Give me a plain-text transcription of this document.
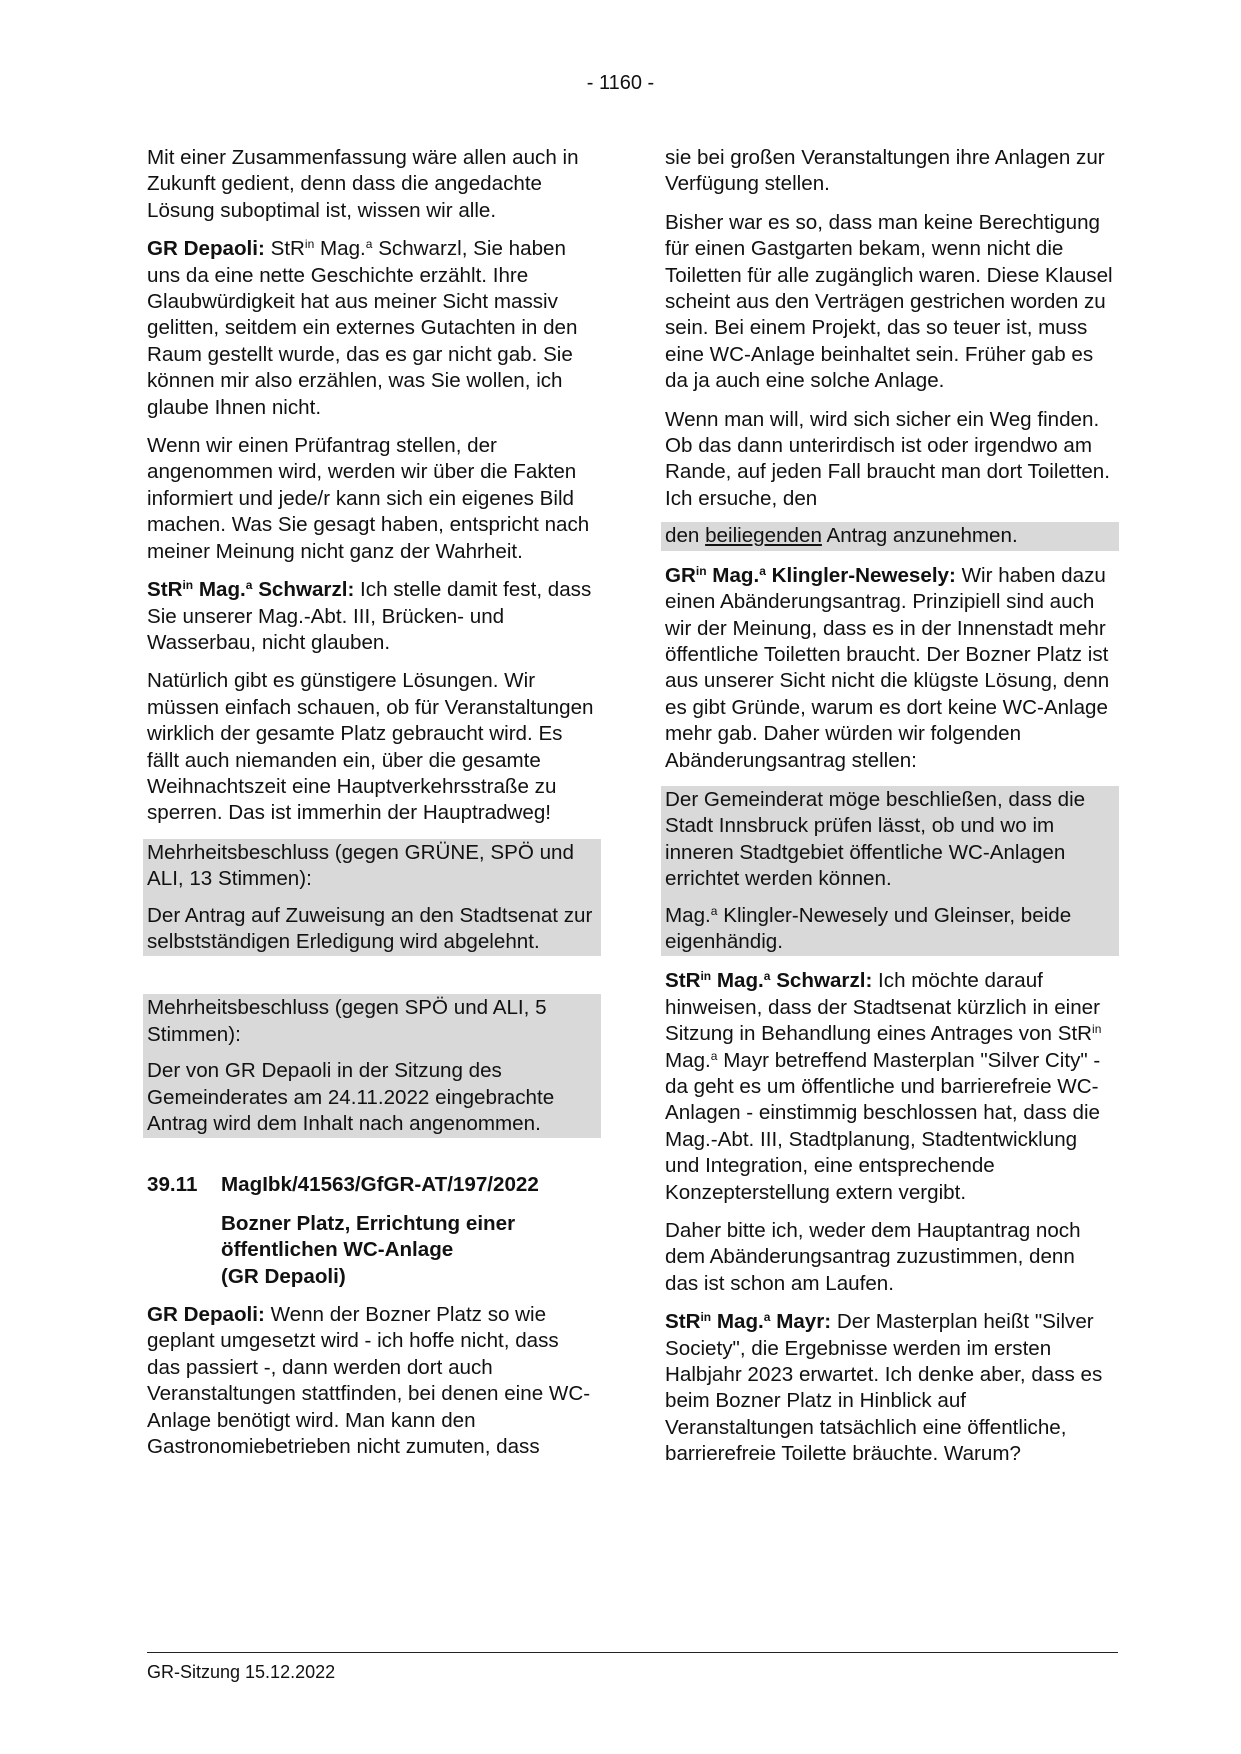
- 1160 -

Mit einer Zusammenfassung wäre allen auch in Zukunft gedient, denn dass die angedachte Lösung suboptimal ist, wissen wir alle.

GR Depaoli: StR$^{in}$ Mag.$^a$ Schwarzl, Sie haben uns da eine nette Geschichte erzählt. Ihre Glaubwürdigkeit hat aus meiner Sicht massiv gelitten, seitdem ein externes Gutachten in den Raum gestellt wurde, das es gar nicht gab. Sie können mir also erzählen, was Sie wollen, ich glaube Ihnen nicht.

Wenn wir einen Prüfantrag stellen, der angenommen wird, werden wir über die Fakten informiert und jede/r kann sich ein eigenes Bild machen. Was Sie gesagt haben, entspricht nach meiner Meinung nicht ganz der Wahrheit.

StR$^{in}$ Mag.$^a$ Schwarzl: Ich stelle damit fest, dass Sie unserer Mag.-Abt. III, Brücken- und Wasserbau, nicht glauben.

Natürlich gibt es günstigere Lösungen. Wir müssen einfach schauen, ob für Veranstaltungen wirklich der gesamte Platz gebraucht wird. Es fällt auch niemanden ein, über die gesamte Weihnachtszeit eine Hauptverkehrsstraße zu sperren. Das ist immerhin der Hauptradweg!

Mehrheitsbeschluss (gegen GRÜNE, SPÖ und ALI, 13 Stimmen):

Der Antrag auf Zuweisung an den Stadtsenat zur selbstständigen Erledigung wird abgelehnt.

Mehrheitsbeschluss (gegen SPÖ und ALI, 5 Stimmen):

Der von GR Depaoli in der Sitzung des Gemeinderates am 24.11.2022 eingebrachte Antrag wird dem Inhalt nach angenommen.

39.11	MagIbk/41563/GfGR-AT/197/2022
Bozner Platz, Errichtung einer öffentlichen WC-Anlage
(GR Depaoli)

GR Depaoli: Wenn der Bozner Platz so wie geplant umgesetzt wird - ich hoffe nicht, dass das passiert -, dann werden dort auch Veranstaltungen stattfinden, bei denen eine WC-Anlage benötigt wird. Man kann den Gastronomiebetrieben nicht zumuten, dass

sie bei großen Veranstaltungen ihre Anlagen zur Verfügung stellen.

Bisher war es so, dass man keine Berechtigung für einen Gastgarten bekam, wenn nicht die Toiletten für alle zugänglich waren. Diese Klausel scheint aus den Verträgen gestrichen worden zu sein. Bei einem Projekt, das so teuer ist, muss eine WC-Anlage beinhaltet sein. Früher gab es da ja auch eine solche Anlage.

Wenn man will, wird sich sicher ein Weg finden. Ob das dann unterirdisch ist oder irgendwo am Rande, auf jeden Fall braucht man dort Toiletten. Ich ersuche, den

den beiliegenden Antrag anzunehmen.

$GR^{in}$ Mag.$^a$ Klingler-Newesely: Wir haben dazu einen Abänderungsantrag. Prinzipiell sind auch wir der Meinung, dass es in der Innenstadt mehr öffentliche Toiletten braucht. Der Bozner Platz ist aus unserer Sicht nicht die klügste Lösung, denn es gibt Gründe, warum es dort keine WC-Anlage mehr gab. Daher würden wir folgenden Abänderungsantrag stellen:

Der Gemeinderat möge beschließen, dass die Stadt Innsbruck prüfen lässt, ob und wo im inneren Stadtgebiet öffentliche WC-Anlagen errichtet werden können.

Mag.$^a$ Klingler-Newesely und Gleinser, beide eigenhändig.

StR$^{in}$ Mag.$^a$ Schwarzl: Ich möchte darauf hinweisen, dass der Stadtsenat kürzlich in einer Sitzung in Behandlung eines Antrages von StR$^{in}$ Mag.$^a$ Mayr betreffend Masterplan "Silver City" - da geht es um öffentliche und barrierefreie WC-Anlagen - einstimmig beschlossen hat, dass die Mag.-Abt. III, Stadtplanung, Stadtentwicklung und Integration, eine entsprechende Konzepterstellung extern vergibt.

Daher bitte ich, weder dem Hauptantrag noch dem Abänderungsantrag zuzustimmen, denn das ist schon am Laufen.

StR$^{in}$ Mag.$^a$ Mayr: Der Masterplan heißt "Silver Society", die Ergebnisse werden im ersten Halbjahr 2023 erwartet. Ich denke aber, dass es beim Bozner Platz in Hinblick auf Veranstaltungen tatsächlich eine öffentliche, barrierefreie Toilette bräuchte. Warum?

GR-Sitzung 15.12.2022
